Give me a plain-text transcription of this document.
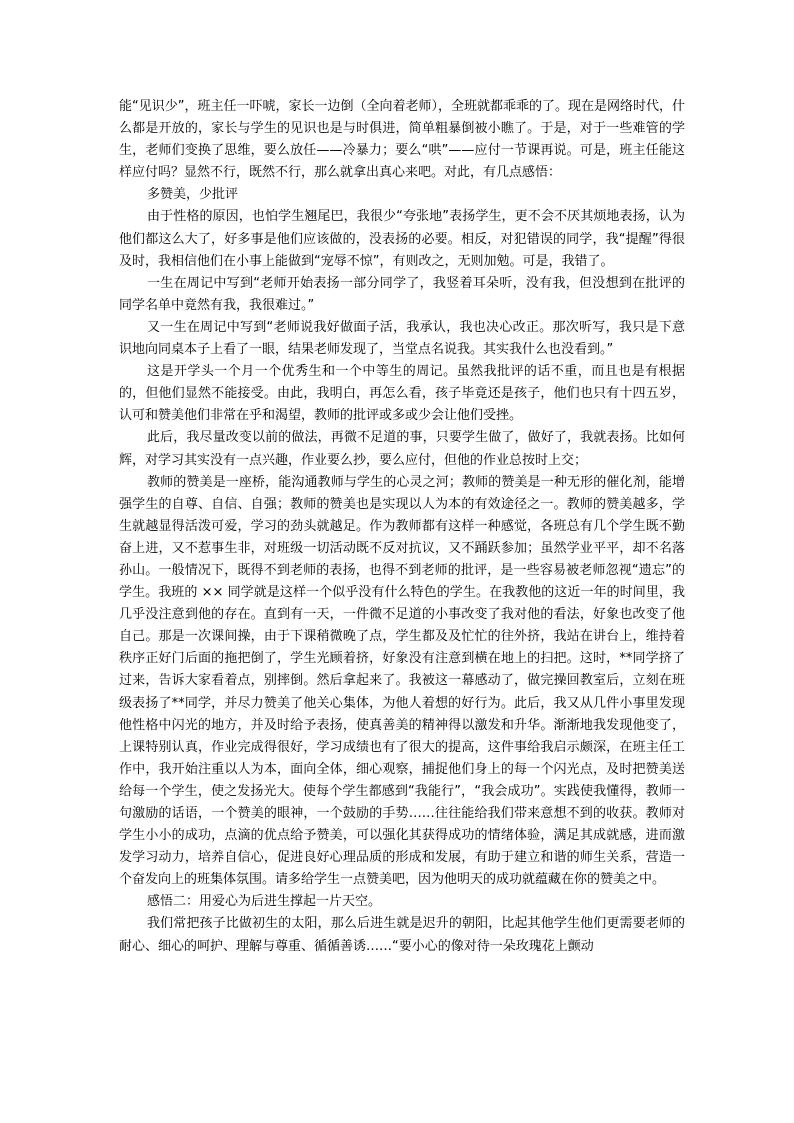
能“见识少”，班主任一吓唬，家长一边倒（全向着老师），全班就都乖乖的了。现在是网络时代，什么都是开放的，家长与学生的见识也是与时俱进，简单粗暴倒被小瞧了。于是，对于一些难管的学生，老师们变换了思维，要么放任——冷暴力；要么“哄”——应付一节课再说。可是，班主任能这样应付吗？显然不行，既然不行，那么就拿出真心来吧。对此，有几点感悟：

多赞美，少批评

由于性格的原因，也怕学生翘尾巴，我很少“夸张地”表扬学生，更不会不厌其烦地表扬，认为他们都这么大了，好多事是他们应该做的，没表扬的必要。相反，对犯错误的同学，我“提醒”得很及时，我相信他们在小事上能做到“宠辱不惊”，有则改之，无则加勉。可是，我错了。

一生在周记中写到“老师开始表扬一部分同学了，我竖着耳朵听，没有我，但没想到在批评的同学名单中竟然有我，我很难过。”

又一生在周记中写到“老师说我好做面子活，我承认，我也决心改正。那次听写，我只是下意识地向同桌本子上看了一眼，结果老师发现了，当堂点名说我。其实我什么也没看到。”

这是开学头一个月一个优秀生和一个中等生的周记。虽然我批评的话不重，而且也是有根据的，但他们显然不能接受。由此，我明白，再怎么看，孩子毕竟还是孩子，他们也只有十四五岁，认可和赞美他们非常在乎和渴望，教师的批评或多或少会让他们受挫。

此后，我尽量改变以前的做法，再微不足道的事，只要学生做了，做好了，我就表扬。比如何辉，对学习其实没有一点兴趣，作业要么抄，要么应付，但他的作业总按时上交；

教师的赞美是一座桥，能沟通教师与学生的心灵之河；教师的赞美是一种无形的催化剂，能增强学生的自尊、自信、自强；教师的赞美也是实现以人为本的有效途径之一。教师的赞美越多，学生就越显得活泼可爱，学习的劲头就越足。作为教师都有这样一种感觉，各班总有几个学生既不勤奋上进，又不惹事生非，对班级一切活动既不反对抗议，又不踊跃参加；虽然学业平平，却不名落孙山。一般情况下，既得不到老师的表扬，也得不到老师的批评，是一些容易被老师忽视“遗忘”的学生。我班的 ×× 同学就是这样一个似乎没有什么特色的学生。在我教他的这近一年的时间里，我几乎没注意到他的存在。直到有一天，一件微不足道的小事改变了我对他的看法，好象也改变了他自己。那是一次课间操，由于下课稍微晚了点，学生都及及忙忙的往外挤，我站在讲台上，维持着秩序正好门后面的拖把倒了，学生光顾着挤，好象没有注意到横在地上的扫把。这时，**同学挤了过来，告诉大家看着点，别摔倒。然后拿起来了。我被这一幕感动了，做完操回教室后，立刻在班级表扬了**同学，并尽力赞美了他关心集体，为他人着想的好行为。此后，我又从几件小事里发现他性格中闪光的地方，并及时给予表扬，使真善美的精神得以激发和升华。渐渐地我发现他变了，上课特别认真，作业完成得很好，学习成绩也有了很大的提高，这件事给我启示颇深，在班主任工作中，我开始注重以人为本，面向全体，细心观察，捕捉他们身上的每一个闪光点，及时把赞美送给每一个学生，使之发扬光大。使每个学生都感到“我能行”，“我会成功”。实践使我懂得，教师一句激励的话语，一个赞美的眼神，一个鼓励的手势……往往能给我们带来意想不到的收获。教师对学生小小的成功，点滴的优点给予赞美，可以强化其获得成功的情绪体验，满足其成就感，进而激发学习动力，培养自信心，促进良好心理品质的形成和发展，有助于建立和谐的师生关系，营造一个奋发向上的班集体氛围。请多给学生一点赞美吧，因为他明天的成功就蕴藏在你的赞美之中。

感悟二：用爱心为后进生撑起一片天空。

我们常把孩子比做初生的太阳，那么后进生就是迟升的朝阳，比起其他学生他们更需要老师的耐心、细心的呵护、理解与尊重、循循善诱……“要小心的像对待一朵玫瑰花上颤动
